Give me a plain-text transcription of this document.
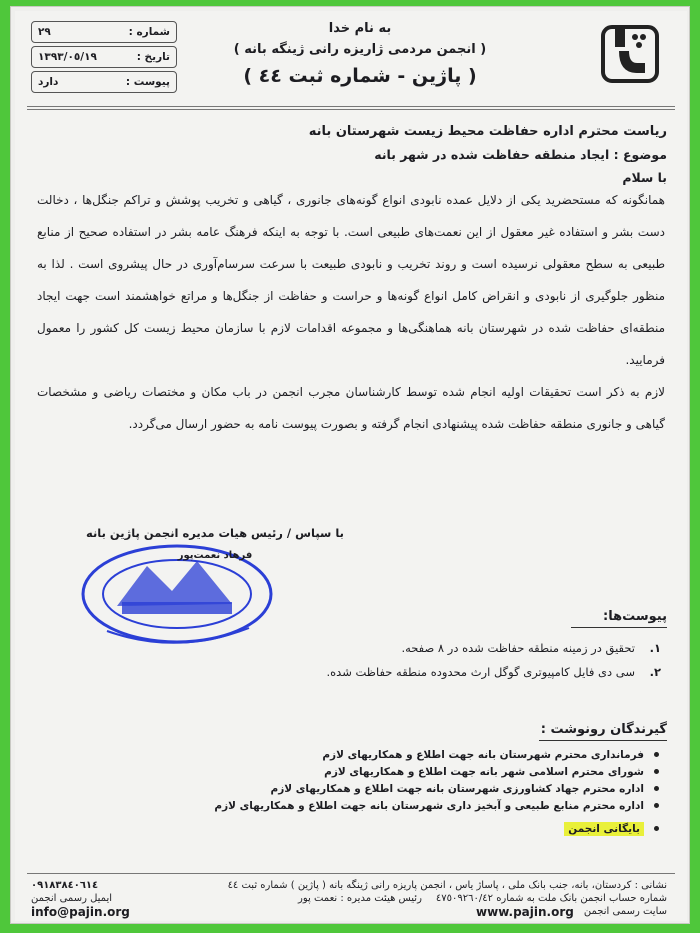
به نام خدا
( انجمن مردمی ژاریزه رانی ژینگه بانه )
( پاژین - شماره ثبت ٤٤ )
شماره :
٢٩
تاریخ :
١٣٩٣/٠٥/١٩
پیوست :
دارد
ریاست محترم اداره حفاظت محیط زیست شهرستان بانه
موضوع : ایجاد منطقه حفاظت شده در شهر بانه
با سلام
همانگونه که مستحضرید یکی از دلایل عمده نابودی انواع گونه‌های جانوری ، گیاهی و تخریب پوشش و تراکم جنگل‌ها ، دخالت دست بشر و استفاده غیر معقول از این نعمت‌های طبیعی است. با توجه به اینکه فرهنگ عامه بشر در استفاده صحیح از منابع طبیعی به سطح معقولی نرسیده است و روند تخریب و نابودی طبیعت با سرعت سرسام‌آوری در حال پیشروی است . لذا به منظور جلوگیری از نابودی و انقراض کامل انواع گونه‌ها و حراست و حفاظت از جنگل‌ها و مراتع خواهشمند است جهت ایجاد منطقه‌ای حفاظت شده در شهرستان بانه هماهنگی‌ها و مجموعه اقدامات لازم با سازمان محیط زیست کل کشور را معمول فرمایید.
لازم به ذکر است تحقیقات اولیه انجام شده توسط کارشناسان مجرب انجمن در باب مکان و مختصات ریاضی و مشخصات گیاهی و جانوری منطقه حفاظت شده پیشنهادی انجام گرفته و بصورت پیوست نامه به حضور ارسال می‌گردد.
با سپاس / رئیس هیات مدیره انجمن پاژین بانه
فرهاد نعمت‌پور
پیوست‌ها:
١.
تحقیق در زمینه منطقه حفاظت شده در ٨ صفحه.
٢.
سی دی فایل کامپیوتری گوگل ارث محدوده منطقه حفاظت شده.
گیرندگان رونوشت :
فرمانداری محترم شهرستان بانه جهت اطلاع و همکاریهای لازم
شورای محترم اسلامی شهر بانه جهت اطلاع و همکاریهای لازم
اداره محترم جهاد کشاورزی شهرستان بانه جهت اطلاع و همکاریهای لازم
اداره محترم منابع طبیعی و آبخیز داری شهرستان بانه جهت اطلاع و همکاریهای لازم
بایگانی انجمن
نشانی : کردستان، بانه، جنب بانک ملی ، پاساژ یاس ، انجمن پاریزه رانی ژینگه بانه ( پاژین ) شماره ثبت ٤٤
٠٩١٨٣٨٤٠٦١٤
شماره حساب انجمن بانک ملت به شماره ٤٧٥٠٩٢٦٠/٤٢
رئیس هیئت مدیره : نعمت پور
ایمیل رسمی انجمن
سایت رسمی انجمن
www.pajin.org
info@pajin.org
